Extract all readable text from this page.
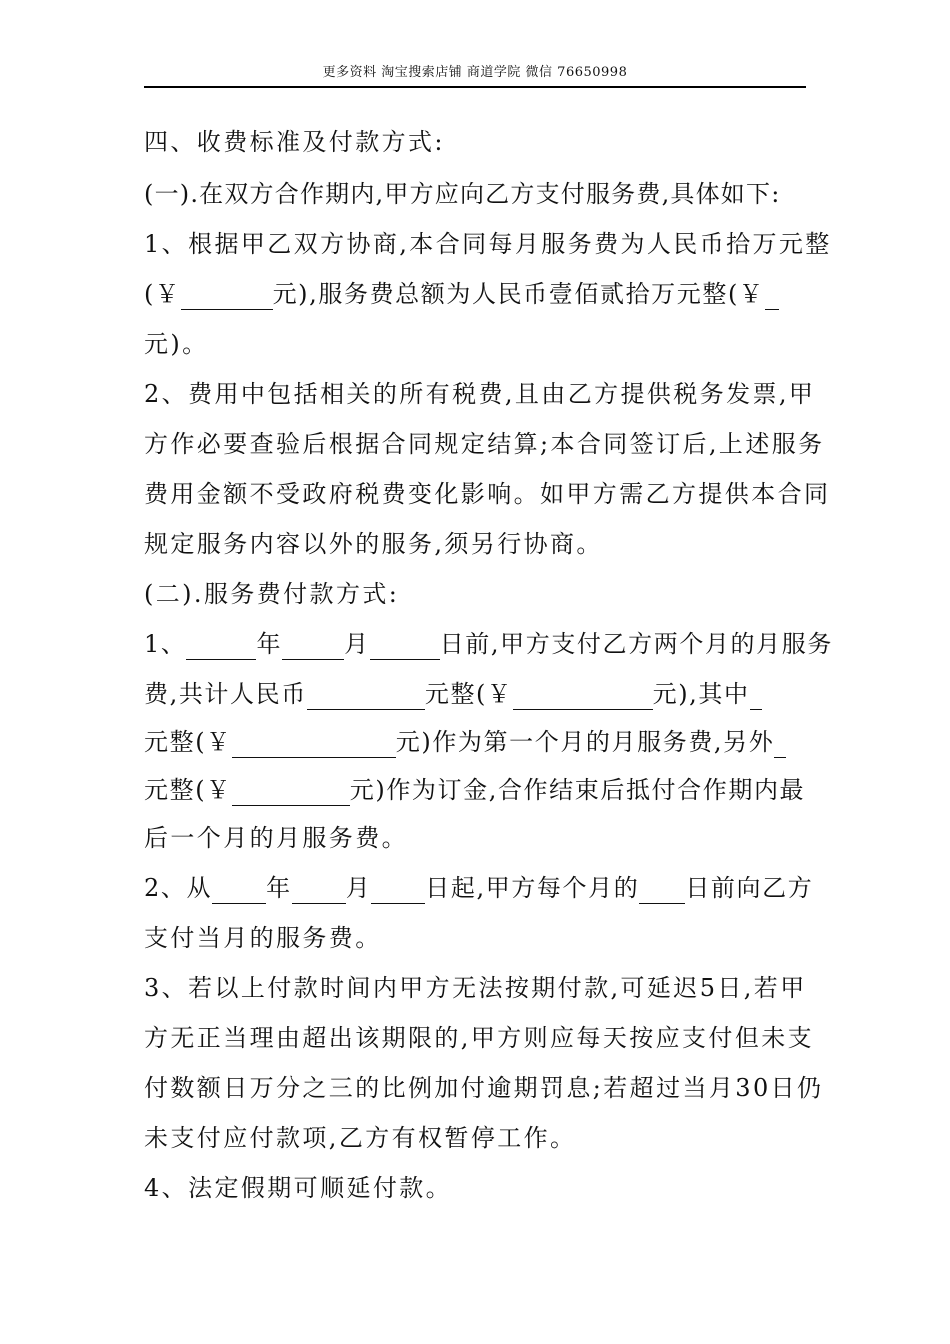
更多资料 淘宝搜索店铺 商道学院 微信 76650998
四、收费标准及付款方式:
(一).在双方合作期内,甲方应向乙方支付服务费,具体如下:
1、根据甲乙双方协商,本合同每月服务费为人民币拾万元整
(￥	元),服务费总额为人民币壹佰贰拾万元整(￥
元)。
2、费用中包括相关的所有税费,且由乙方提供税务发票,甲
方作必要查验后根据合同规定结算;本合同签订后,上述服务
费用金额不受政府税费变化影响。如甲方需乙方提供本合同
规定服务内容以外的服务,须另行协商。
(二).服务费付款方式:
1、	年	月	日前,甲方支付乙方两个月的月服务
费,共计人民币	元整(￥	元),其中
元整(￥	元)作为第一个月的月服务费,另外
元整(￥	元)作为订金,合作结束后抵付合作期内最
后一个月的月服务费。
2、从 年 月 日起,甲方每个月的 日前向乙方
支付当月的服务费。
3、若以上付款时间内甲方无法按期付款,可延迟5日,若甲
方无正当理由超出该期限的,甲方则应每天按应支付但未支
付数额日万分之三的比例加付逾期罚息;若超过当月30日仍
未支付应付款项,乙方有权暂停工作。
4、法定假期可顺延付款。
